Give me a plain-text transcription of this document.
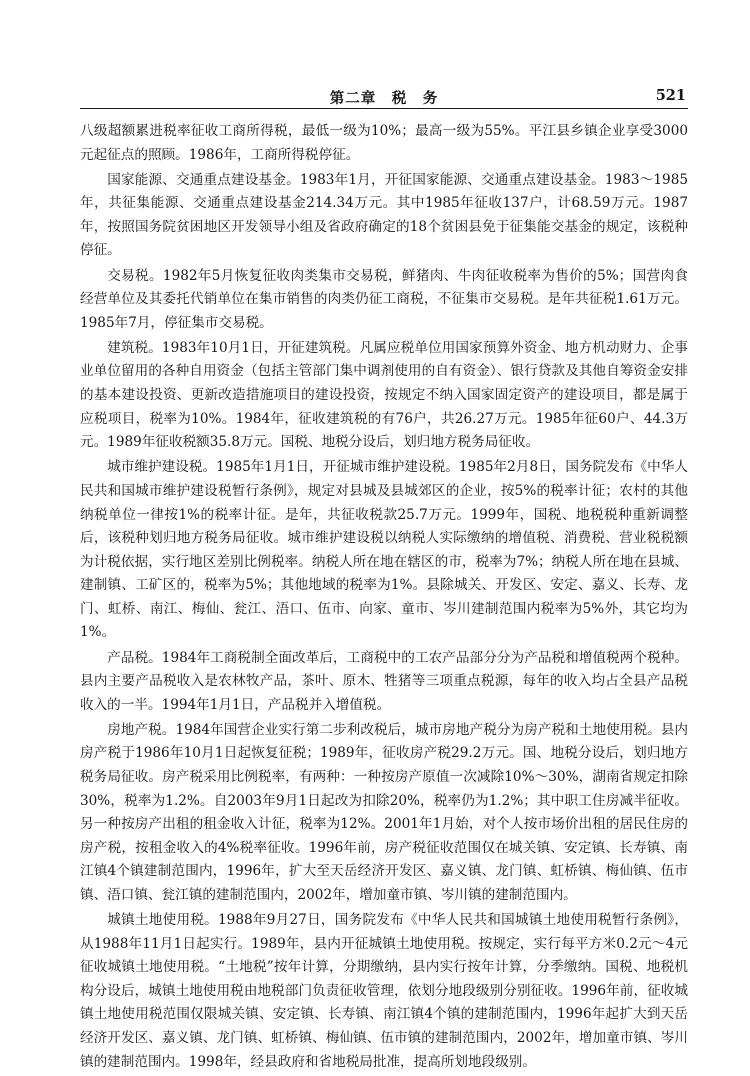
第二章　税　务	521

八级超额累进税率征收工商所得税，最低一级为10%；最高一级为55%。平江县乡镇企业享受3000元起征点的照顾。1986年，工商所得税停征。

国家能源、交通重点建设基金。1983年1月，开征国家能源、交通重点建设基金。1983～1985年，共征集能源、交通重点建设基金214.34万元。其中1985年征收137户，计68.59万元。1987年，按照国务院贫困地区开发领导小组及省政府确定的18个贫困县免于征集能交基金的规定，该税种停征。

交易税。1982年5月恢复征收肉类集市交易税，鲜猪肉、牛肉征收税率为售价的5%；国营肉食经营单位及其委托代销单位在集市销售的肉类仍征工商税，不征集市交易税。是年共征税1.61万元。1985年7月，停征集市交易税。

建筑税。1983年10月1日，开征建筑税。凡属应税单位用国家预算外资金、地方机动财力、企事业单位留用的各种自用资金（包括主管部门集中调剂使用的自有资金）、银行贷款及其他自筹资金安排的基本建设投资、更新改造措施项目的建设投资，按规定不纳入国家固定资产的建设项目，都是属于应税项目，税率为10%。1984年，征收建筑税的有76户，共26.27万元。1985年征60户、44.3万元。1989年征收税额35.8万元。国税、地税分设后，划归地方税务局征收。

城市维护建设税。1985年1月1日，开征城市维护建设税。1985年2月8日，国务院发布《中华人民共和国城市维护建设税暂行条例》，规定对县城及县城郊区的企业，按5%的税率计征；农村的其他纳税单位一律按1%的税率计征。是年，共征收税款25.7万元。1999年，国税、地税税种重新调整后，该税种划归地方税务局征收。城市维护建设税以纳税人实际缴纳的增值税、消费税、营业税税额为计税依据，实行地区差别比例税率。纳税人所在地在辖区的市，税率为7%；纳税人所在地在县城、建制镇、工矿区的，税率为5%；其他地域的税率为1%。县除城关、开发区、安定、嘉义、长寿、龙门、虹桥、南江、梅仙、瓮江、浯口、伍市、向家、童市、岑川建制范围内税率为5%外，其它均为1%。

产品税。1984年工商税制全面改革后，工商税中的工农产品部分分为产品税和增值税两个税种。县内主要产品税收入是农林牧产品，茶叶、原木、牲猪等三项重点税源，每年的收入均占全县产品税收入的一半。1994年1月1日，产品税并入增值税。

房地产税。1984年国营企业实行第二步利改税后，城市房地产税分为房产税和土地使用税。县内房产税于1986年10月1日起恢复征税；1989年，征收房产税29.2万元。国、地税分设后，划归地方税务局征收。房产税采用比例税率，有两种：一种按房产原值一次减除10%～30%，湖南省规定扣除30%，税率为1.2%。自2003年9月1日起改为扣除20%，税率仍为1.2%；其中职工住房减半征收。另一种按房产出租的租金收入计征，税率为12%。2001年1月始，对个人按市场价出租的居民住房的房产税，按租金收入的4%税率征收。1996年前，房产税征收范围仅在城关镇、安定镇、长寿镇、南江镇4个镇建制范围内，1996年，扩大至天岳经济开发区、嘉义镇、龙门镇、虹桥镇、梅仙镇、伍市镇、浯口镇、瓮江镇的建制范围内，2002年，增加童市镇、岑川镇的建制范围内。

城镇土地使用税。1988年9月27日，国务院发布《中华人民共和国城镇土地使用税暂行条例》，从1988年11月1日起实行。1989年，县内开征城镇土地使用税。按规定，实行每平方米0.2元～4元征收城镇土地使用税。“土地税”按年计算，分期缴纳，县内实行按年计算，分季缴纳。国税、地税机构分设后，城镇土地使用税由地税部门负责征收管理，依划分地段级别分别征收。1996年前，征收城镇土地使用税范围仅限城关镇、安定镇、长寿镇、南江镇4个镇的建制范围内，1996年起扩大到天岳经济开发区、嘉义镇、龙门镇、虹桥镇、梅仙镇、伍市镇的建制范围内，2002年，增加童市镇、岑川镇的建制范围内。1998年，经县政府和省地税局批准，提高所划地段级别。
